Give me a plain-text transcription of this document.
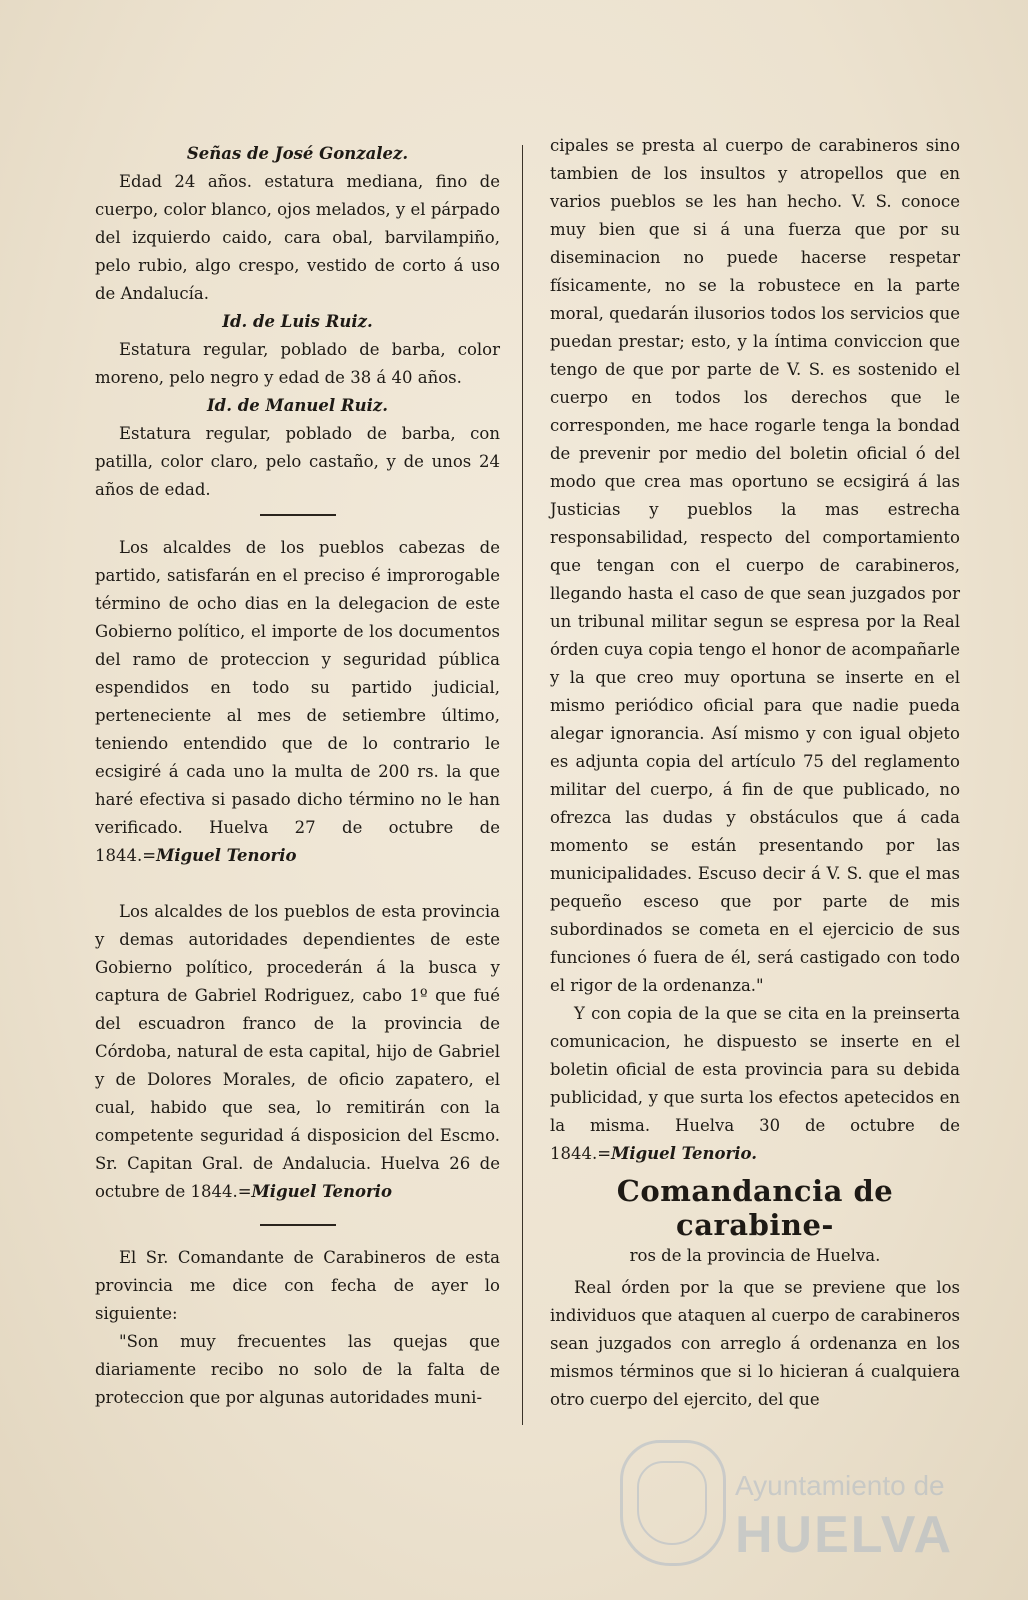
Señas de José Gonzalez.

Edad 24 años. estatura mediana, fino de cuerpo, color blanco, ojos melados, y el párpado del izquierdo caido, cara obal, barvilampiño, pelo rubio, algo crespo, vestido de corto á uso de Andalucía.

Id. de Luis Ruiz.

Estatura regular, poblado de barba, color moreno, pelo negro y edad de 38 á 40 años.

Id. de Manuel Ruiz.

Estatura regular, poblado de barba, con patilla, color claro, pelo castaño, y de unos 24 años de edad.

Los alcaldes de los pueblos cabezas de partido, satisfarán en el preciso é improrogable término de ocho dias en la delegacion de este Gobierno político, el importe de los documentos del ramo de proteccion y seguridad pública espendidos en todo su partido judicial, perteneciente al mes de setiembre último, teniendo entendido que de lo contrario le ecsigiré á cada uno la multa de 200 rs. la que haré efectiva si pasado dicho término no le han verificado. Huelva 27 de octubre de 1844.=Miguel Tenorio

Los alcaldes de los pueblos de esta provincia y demas autoridades dependientes de este Gobierno político, procederán á la busca y captura de Gabriel Rodriguez, cabo 1º que fué del escuadron franco de la provincia de Córdoba, natural de esta capital, hijo de Gabriel y de Dolores Morales, de oficio zapatero, el cual, habido que sea, lo remitirán con la competente seguridad á disposicion del Escmo. Sr. Capitan Gral. de Andalucia. Huelva 26 de octubre de 1844.=Miguel Tenorio

El Sr. Comandante de Carabineros de esta provincia me dice con fecha de ayer lo siguiente:

"Son muy frecuentes las quejas que diariamente recibo no solo de la falta de proteccion que por algunas autoridades muni-

cipales se presta al cuerpo de carabineros sino tambien de los insultos y atropellos que en varios pueblos se les han hecho. V. S. conoce muy bien que si á una fuerza que por su diseminacion no puede hacerse respetar físicamente, no se la robustece en la parte moral, quedarán ilusorios todos los servicios que puedan prestar; esto, y la íntima conviccion que tengo de que por parte de V. S. es sostenido el cuerpo en todos los derechos que le corresponden, me hace rogarle tenga la bondad de prevenir por medio del boletin oficial ó del modo que crea mas oportuno se ecsigirá á las Justicias y pueblos la mas estrecha responsabilidad, respecto del comportamiento que tengan con el cuerpo de carabineros, llegando hasta el caso de que sean juzgados por un tribunal militar segun se espresa por la Real órden cuya copia tengo el honor de acompañarle y la que creo muy oportuna se inserte en el mismo periódico oficial para que nadie pueda alegar ignorancia. Así mismo y con igual objeto es adjunta copia del artículo 75 del reglamento militar del cuerpo, á fin de que publicado, no ofrezca las dudas y obstáculos que á cada momento se están presentando por las municipalidades. Escuso decir á V. S. que el mas pequeño esceso que por parte de mis subordinados se cometa en el ejercicio de sus funciones ó fuera de él, será castigado con todo el rigor de la ordenanza."

Y con copia de la que se cita en la preinserta comunicacion, he dispuesto se inserte en el boletin oficial de esta provincia para su debida publicidad, y que surta los efectos apetecidos en la misma. Huelva 30 de octubre de 1844.=Miguel Tenorio.

Comandancia de carabine-
ros de la provincia de Huelva.

Real órden por la que se previene que los individuos que ataquen al cuerpo de carabineros sean juzgados con arreglo á ordenanza en los mismos términos que si lo hicieran á cualquiera otro cuerpo del ejercito, del que

Ayuntamiento de
HUELVA
